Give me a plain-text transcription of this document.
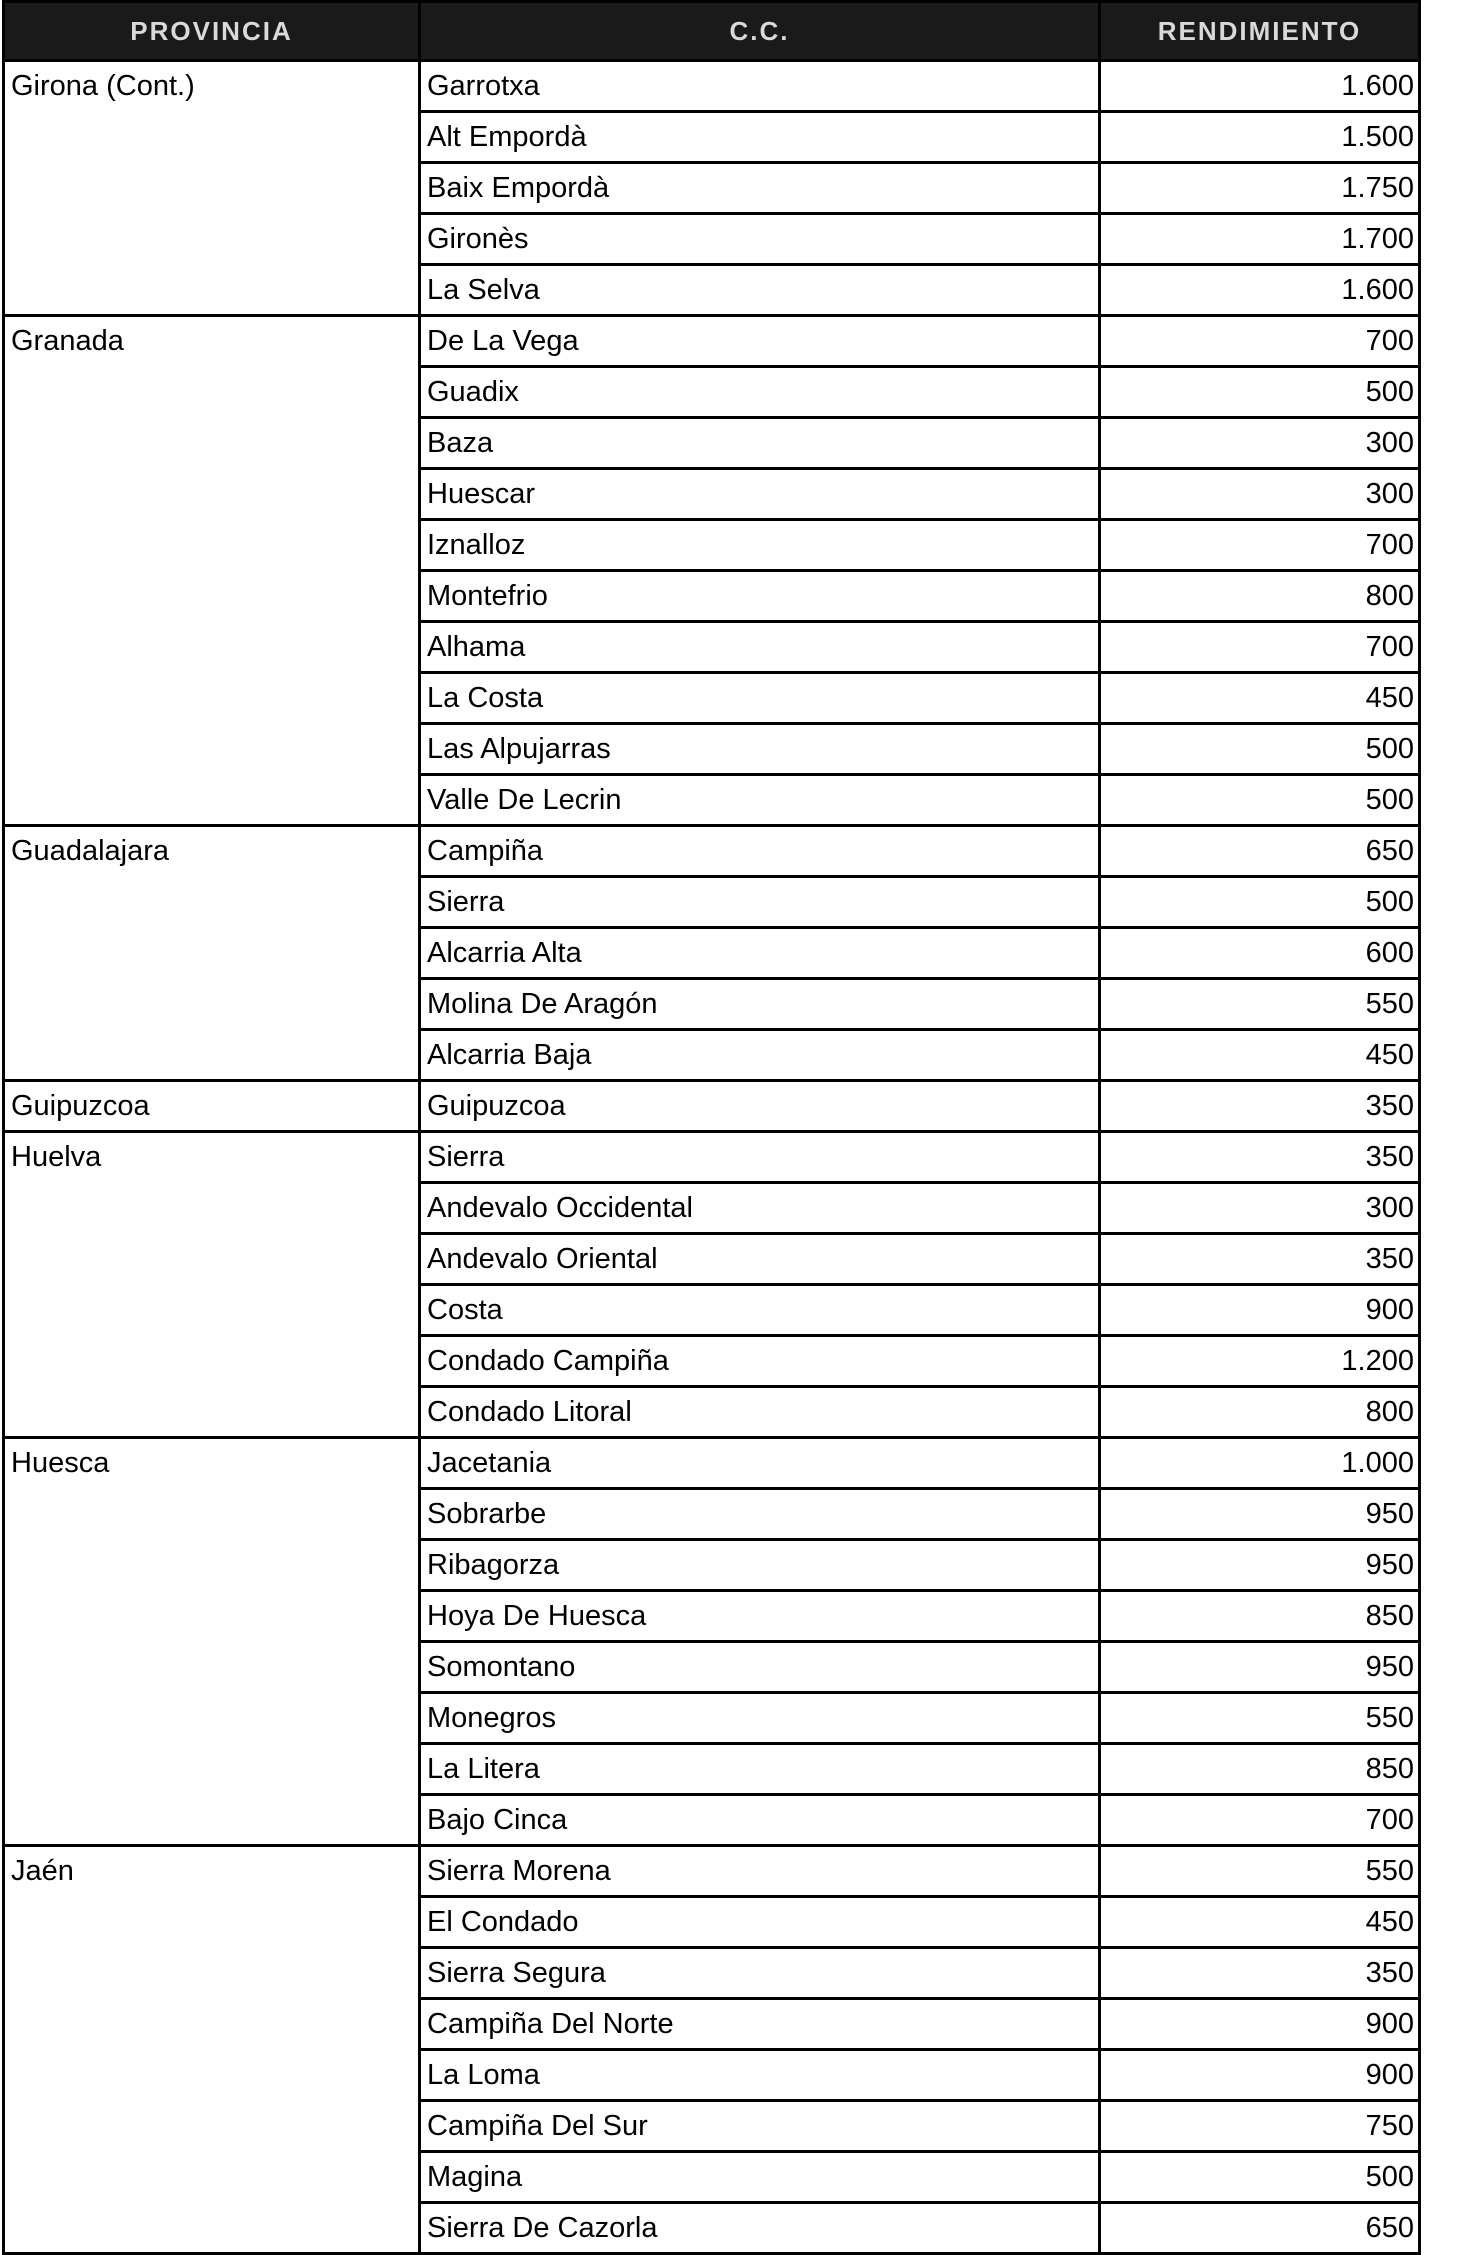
PROVINCIA	C.C.	RENDIMIENTO
Girona (Cont.)	Garrotxa	1.600
	Alt Empordà	1.500
	Baix Empordà	1.750
	Gironès	1.700
	La Selva	1.600
Granada	De La Vega	700
	Guadix	500
	Baza	300
	Huescar	300
	Iznalloz	700
	Montefrio	800
	Alhama	700
	La Costa	450
	Las Alpujarras	500
	Valle De Lecrin	500
Guadalajara	Campiña	650
	Sierra	500
	Alcarria Alta	600
	Molina De Aragón	550
	Alcarria Baja	450
Guipuzcoa	Guipuzcoa	350
Huelva	Sierra	350
	Andevalo Occidental	300
	Andevalo Oriental	350
	Costa	900
	Condado Campiña	1.200
	Condado Litoral	800
Huesca	Jacetania	1.000
	Sobrarbe	950
	Ribagorza	950
	Hoya De Huesca	850
	Somontano	950
	Monegros	550
	La Litera	850
	Bajo Cinca	700
Jaén	Sierra Morena	550
	El Condado	450
	Sierra Segura	350
	Campiña Del Norte	900
	La Loma	900
	Campiña Del Sur	750
	Magina	500
	Sierra De Cazorla	650
